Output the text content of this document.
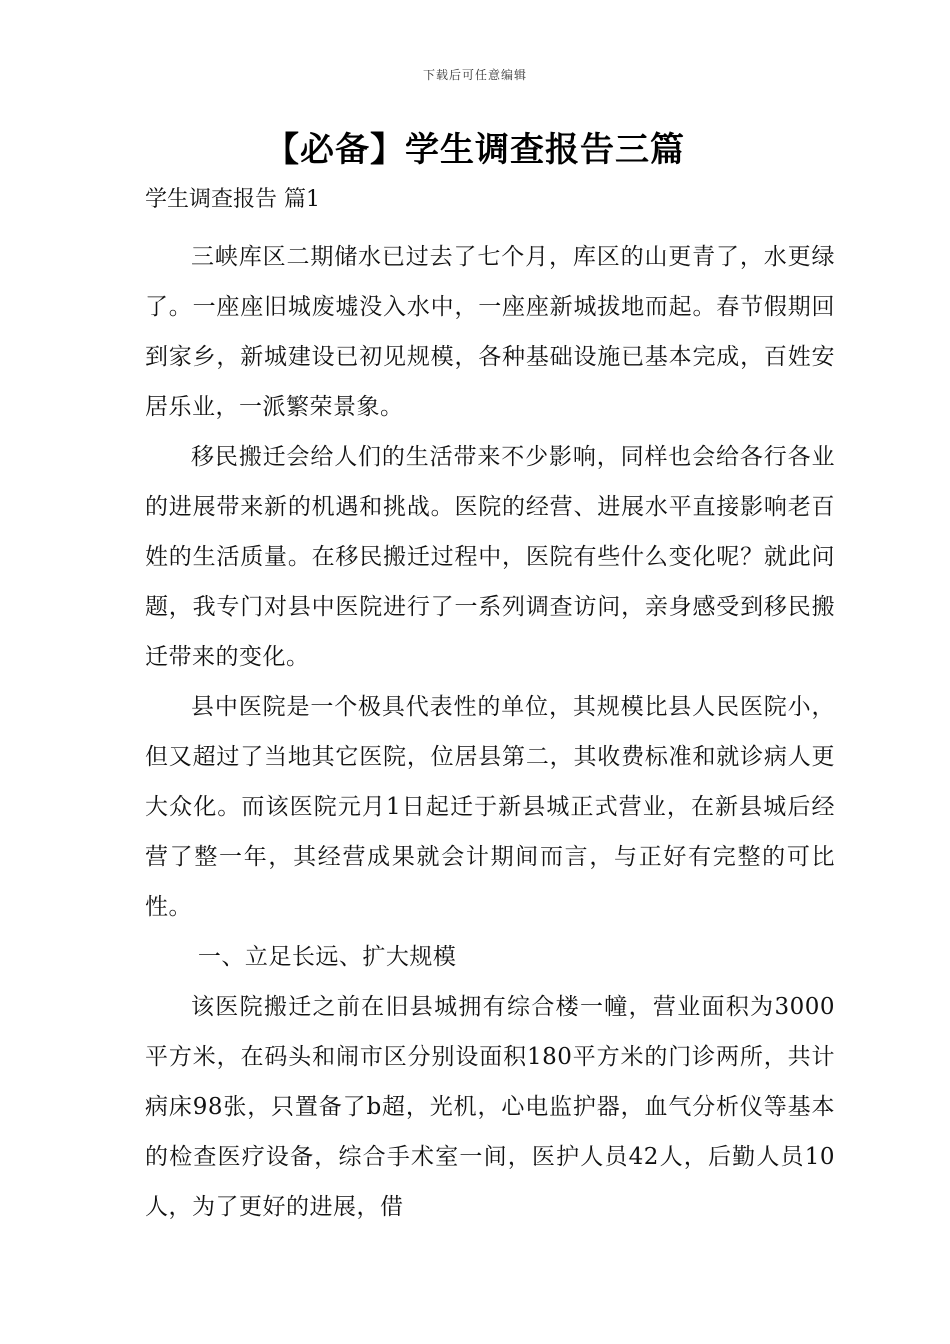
下载后可任意编辑
【必备】学生调查报告三篇
学生调查报告 篇1

三峡库区二期储水已过去了七个月，库区的山更青了，水更绿了。一座座旧城废墟没入水中，一座座新城拔地而起。春节假期回到家乡，新城建设已初见规模，各种基础设施已基本完成，百姓安居乐业，一派繁荣景象。

移民搬迁会给人们的生活带来不少影响，同样也会给各行各业的进展带来新的机遇和挑战。医院的经营、进展水平直接影响老百姓的生活质量。在移民搬迁过程中，医院有些什么变化呢？就此问题，我专门对县中医院进行了一系列调查访问，亲身感受到移民搬迁带来的变化。

县中医院是一个极具代表性的单位，其规模比县人民医院小，但又超过了当地其它医院，位居县第二，其收费标准和就诊病人更大众化。而该医院元月1日起迁于新县城正式营业，在新县城后经营了整一年，其经营成果就会计期间而言，与正好有完整的可比性。

一、立足长远、扩大规模

该医院搬迁之前在旧县城拥有综合楼一幢，营业面积为3000平方米，在码头和闹市区分别设面积180平方米的门诊两所，共计病床98张，只置备了b超，光机，心电监护器，血气分析仪等基本的检查医疗设备，综合手术室一间，医护人员42人，后勤人员10人，为了更好的进展，借
